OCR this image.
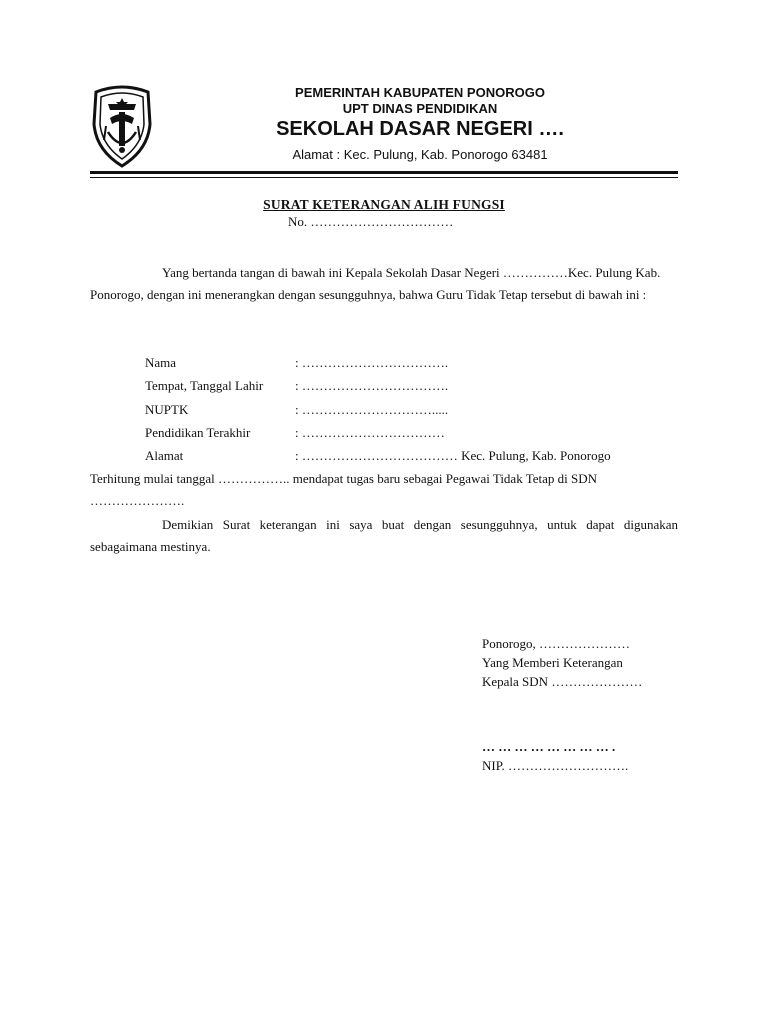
PEMERINTAH KABUPATEN PONOROGO
UPT DINAS PENDIDIKAN
SEKOLAH DASAR NEGERI ….
Alamat : Kec. Pulung, Kab. Ponorogo 63481
SURAT KETERANGAN ALIH FUNGSI
No. ……………………………
Yang bertanda tangan di bawah ini Kepala Sekolah Dasar Negeri ……………Kec. Pulung Kab. Ponorogo, dengan ini menerangkan dengan sesungguhnya, bahwa Guru Tidak Tetap tersebut di bawah ini :
Nama	: …………………………….
Tempat, Tanggal Lahir : …………………………….
NUPTK	: ………………………….....
Pendidikan Terakhir	: ……………………………
Alamat	: ……………………………… Kec. Pulung, Kab. Ponorogo
Terhitung mulai tanggal …………….. mendapat tugas baru sebagai Pegawai Tidak Tetap di SDN ………………….
Demikian Surat keterangan ini saya buat dengan sesungguhnya, untuk dapat digunakan sebagaimana mestinya.
Ponorogo, …………………
Yang Memberi Keterangan
Kepala SDN …………………
… … … … … … … … .
NIP. ……………………….
